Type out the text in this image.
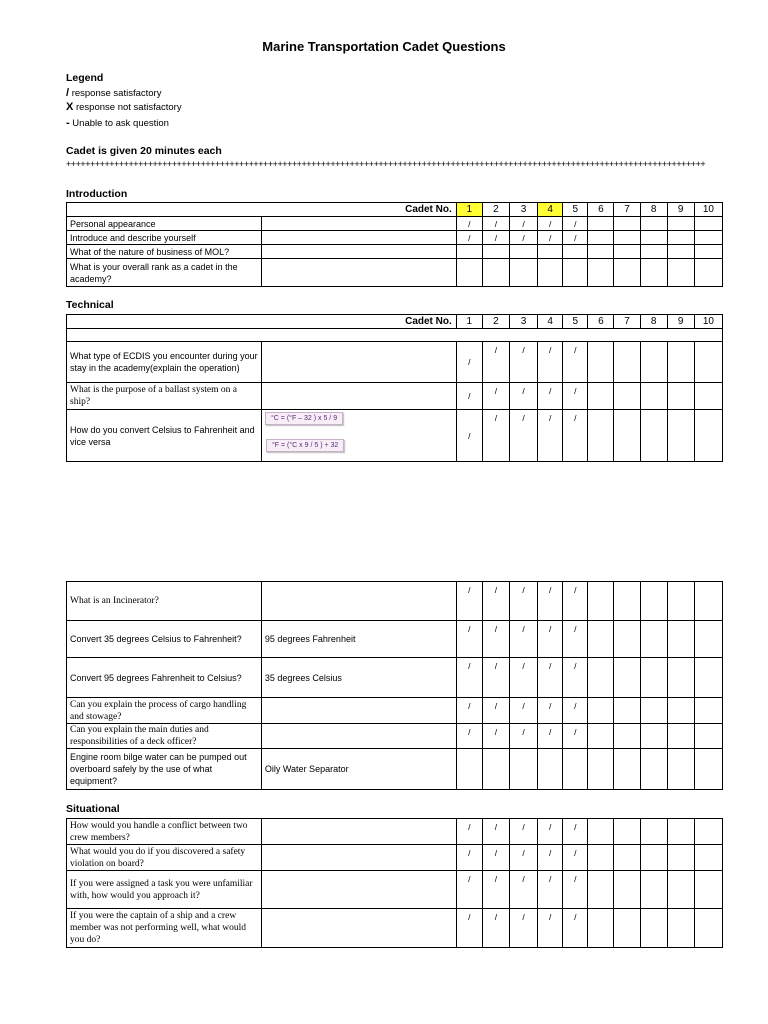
Marine Transportation Cadet Questions
Legend
/ response satisfactory
X response not satisfactory
- Unable to ask question
Cadet is given 20 minutes each
+++++++++++++++++++++++++++++++++++++++++++++++++++++++++++++++++++++++++++++++++++++++++++++++++++++++++++++++++++++++++++++++++++++
Introduction
Cadet No.		1	2	3	4	5	6	7	8	9	10
Personal appearance		/	/	/	/	/					
Introduce and describe yourself		/	/	/	/	/					
What of the nature of business of MOL?											
What is your overall rank as a cadet in the academy?											
Technical
Cadet No.		1	2	3	4	5	6	7	8	9	10

What type of ECDIS you encounter during your stay in the academy(explain the operation)		/	/	/	/	/					
What is the purpose of a ballast system on a ship?		/	/	/	/	/					
How do you convert Celsius to Fahrenheit and vice versa		/	/	/	/	/					
°C = (°F – 32 ) x 5 / 9
°F = (°C x 9 / 5 ) + 32
What is an Incinerator?		/	/	/	/	/					
Convert 35 degrees Celsius to Fahrenheit?	95 degrees Fahrenheit	/	/	/	/	/					
Convert 95 degrees Fahrenheit to Celsius?	35 degrees Celsius	/	/	/	/	/					
Can you explain the process of cargo handling and stowage?		/	/	/	/	/					
Can you explain the main duties and responsibilities of a deck officer?		/	/	/	/	/					
Engine room bilge water can be pumped out overboard safely by the use of what equipment?	Oily Water Separator										
Situational
How would you handle a conflict between two crew members?		/	/	/	/	/					
What would you do if you discovered a safety violation on board?		/	/	/	/	/					
If you were assigned a task you were unfamiliar with, how would you approach it?		/	/	/	/	/					
If you were the captain of a ship and a crew member was not performing well, what would you do?		/	/	/	/	/					
